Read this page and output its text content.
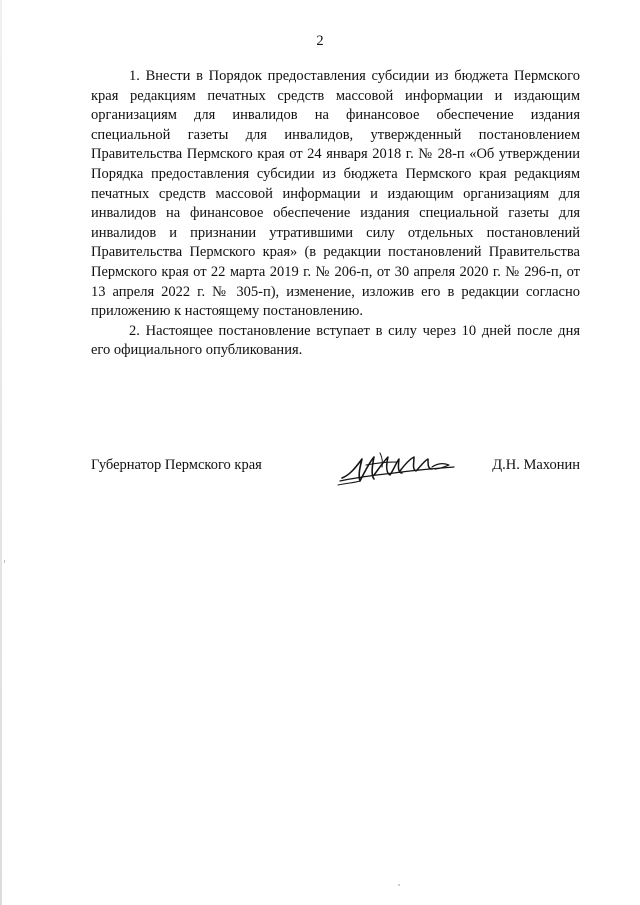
2

1. Внести в Порядок предоставления субсидии из бюджета Пермского края редакциям печатных средств массовой информации и издающим организациям для инвалидов на финансовое обеспечение издания специальной газеты для инвалидов, утвержденный постановлением Правительства Пермского края от 24 января 2018 г. № 28-п «Об утверждении Порядка предоставления субсидии из бюджета Пермского края редакциям печатных средств массовой информации и издающим организациям для инвалидов на финансовое обеспечение издания специальной газеты для инвалидов и признании утратившими силу отдельных постановлений Правительства Пермского края» (в редакции постановлений Правительства Пермского края от 22 марта 2019 г. № 206-п, от 30 апреля 2020 г. № 296-п, от 13 апреля 2022 г. № 305-п), изменение, изложив его в редакции согласно приложению к настоящему постановлению.

2. Настоящее постановление вступает в силу через 10 дней после дня его официального опубликования.

Губернатор Пермского края	Д.Н. Махонин
